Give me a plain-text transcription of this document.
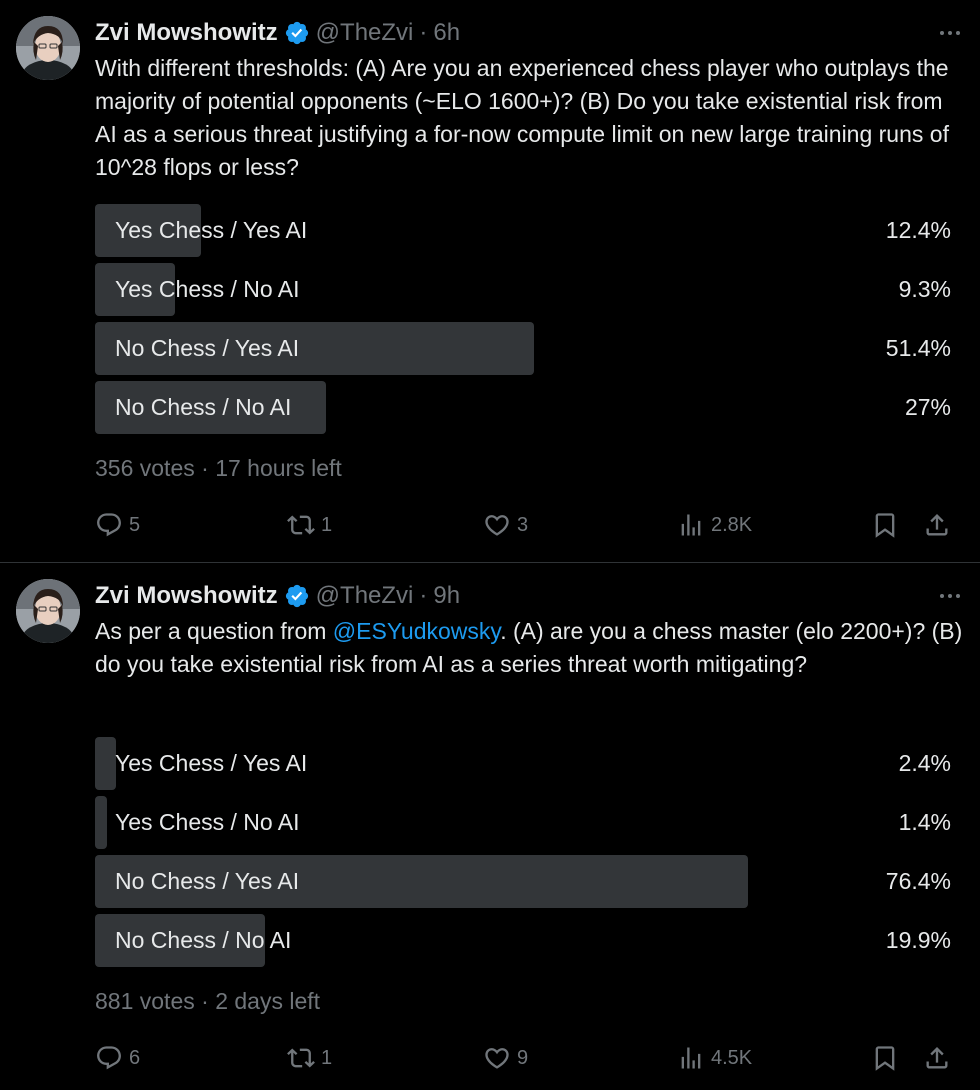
Zvi Mowshowitz @TheZvi · 6h
With different thresholds: (A) Are you an experienced chess player who outplays the majority of potential opponents (~ELO 1600+)? (B) Do you take existential risk from AI as a serious threat justifying a for-now compute limit on new large training runs of 10^28 flops or less?
Yes Chess / Yes AI	12.4%
Yes Chess / No AI	9.3%
No Chess / Yes AI	51.4%
No Chess / No AI	27%
356 votes · 17 hours left
5	1	3	2.8K
Zvi Mowshowitz @TheZvi · 9h
As per a question from @ESYudkowsky. (A) are you a chess master (elo 2200+)? (B) do you take existential risk from AI as a series threat worth mitigating?
Yes Chess / Yes AI	2.4%
Yes Chess / No AI	1.4%
No Chess / Yes AI	76.4%
No Chess / No AI	19.9%
881 votes · 2 days left
6	1	9	4.5K
